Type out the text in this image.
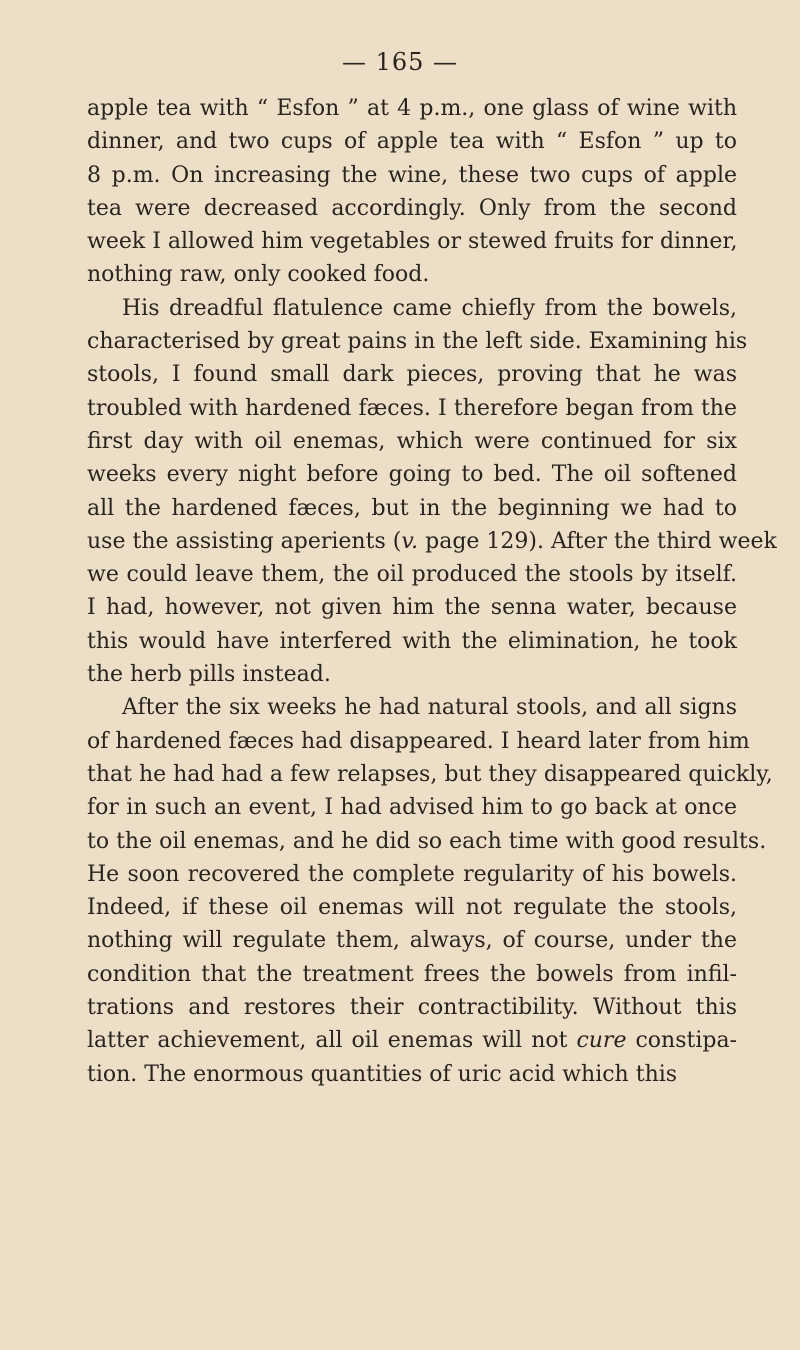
— 165 —
apple tea with “ Esfon ” at 4 p.m., one glass of wine with
dinner, and two cups of apple tea with “ Esfon ” up to
8 p.m. On increasing the wine, these two cups of apple
tea were decreased accordingly. Only from the second
week I allowed him vegetables or stewed fruits for dinner,
nothing raw, only cooked food.
His dreadful flatulence came chiefly from the bowels,
characterised by great pains in the left side. Examining his
stools, I found small dark pieces, proving that he was
troubled with hardened fæces. I therefore began from the
first day with oil enemas, which were continued for six
weeks every night before going to bed. The oil softened
all the hardened fæces, but in the beginning we had to
use the assisting aperients (v. page 129). After the third week
we could leave them, the oil produced the stools by itself.
I had, however, not given him the senna water, because
this would have interfered with the elimination, he took
the herb pills instead.
After the six weeks he had natural stools, and all signs
of hardened fæces had disappeared. I heard later from him
that he had had a few relapses, but they disappeared quickly,
for in such an event, I had advised him to go back at once
to the oil enemas, and he did so each time with good results.
He soon recovered the complete regularity of his bowels.
Indeed, if these oil enemas will not regulate the stools,
nothing will regulate them, always, of course, under the
condition that the treatment frees the bowels from infil-
trations and restores their contractibility. Without this
latter achievement, all oil enemas will not cure constipa-
tion. The enormous quantities of uric acid which this
